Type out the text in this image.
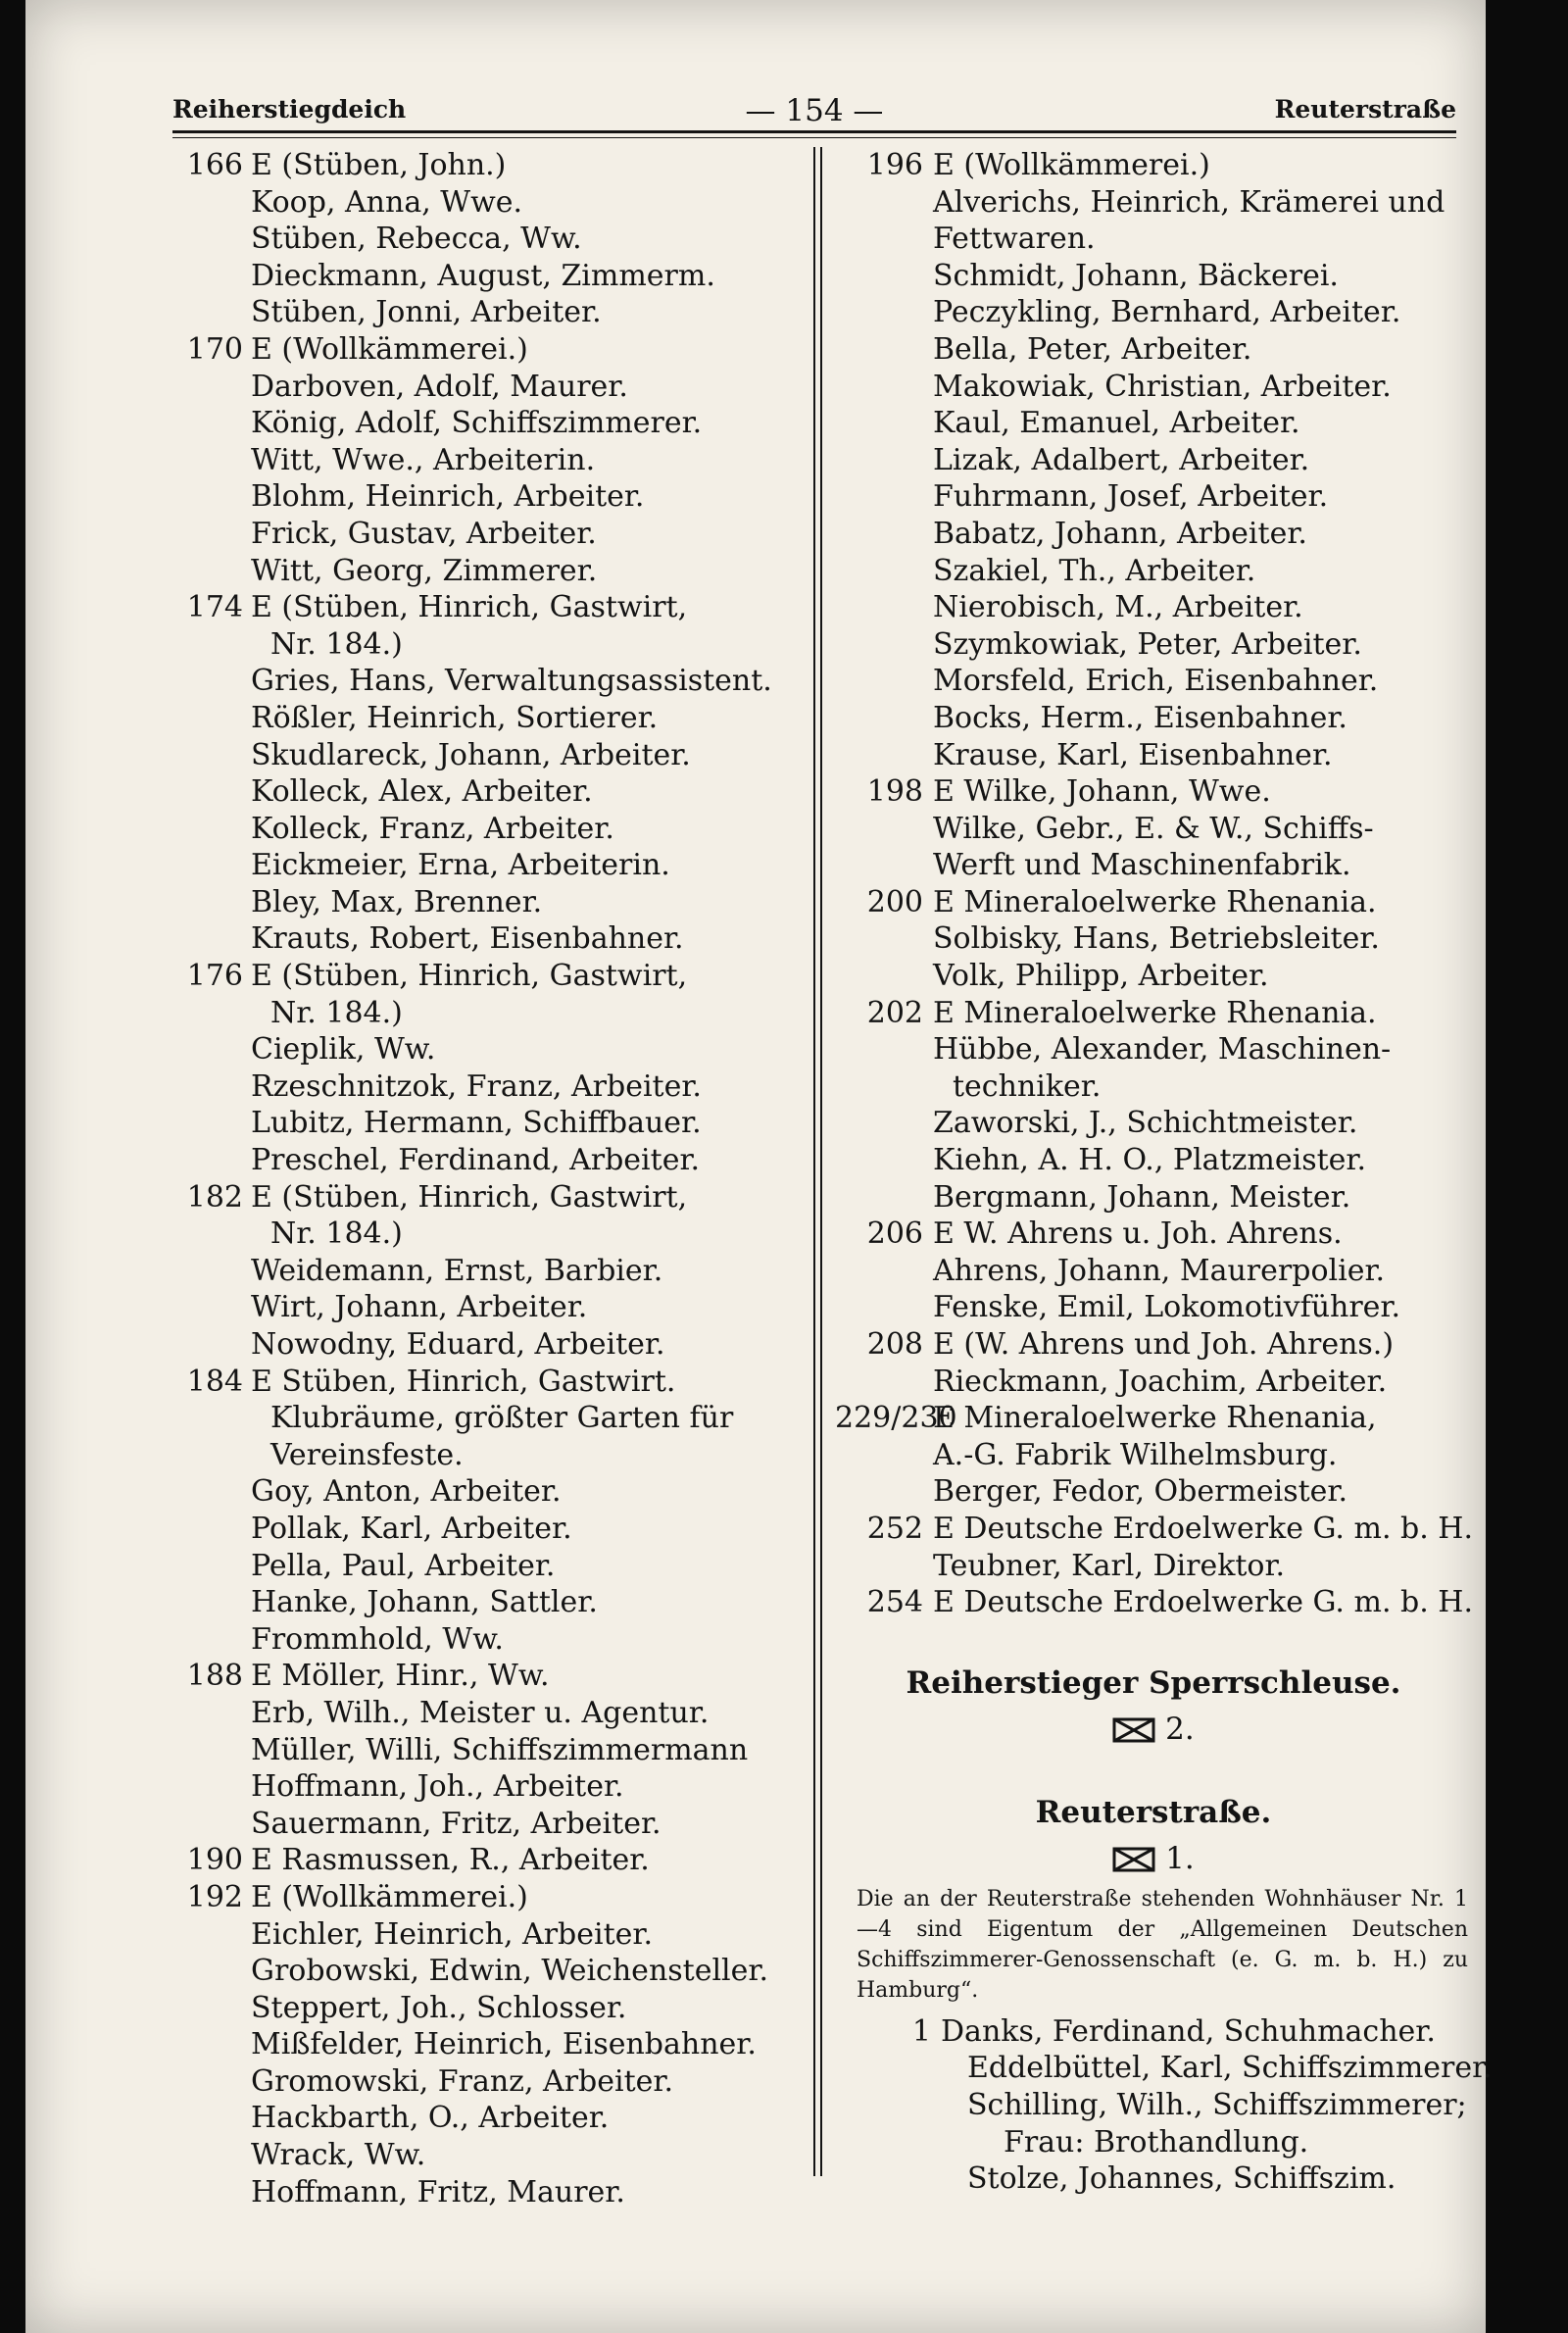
Reiherstiegdeich	— 154 —	Reuterstraße
166 E (Stüben, John.)
Koop, Anna, Wwe.
Stüben, Rebecca, Ww.
Dieckmann, August, Zimmerm.
Stüben, Jonni, Arbeiter.
170 E (Wollkämmerei.)
Darboven, Adolf, Maurer.
König, Adolf, Schiffszimmerer.
Witt, Wwe., Arbeiterin.
Blohm, Heinrich, Arbeiter.
Frick, Gustav, Arbeiter.
Witt, Georg, Zimmerer.
174 E (Stüben, Hinrich, Gastwirt,
Nr. 184.)
Gries, Hans, Verwaltungsassistent.
Rößler, Heinrich, Sortierer.
Skudlareck, Johann, Arbeiter.
Kolleck, Alex, Arbeiter.
Kolleck, Franz, Arbeiter.
Eickmeier, Erna, Arbeiterin.
Bley, Max, Brenner.
Krauts, Robert, Eisenbahner.
176 E (Stüben, Hinrich, Gastwirt,
Nr. 184.)
Cieplik, Ww.
Rzeschnitzok, Franz, Arbeiter.
Lubitz, Hermann, Schiffbauer.
Preschel, Ferdinand, Arbeiter.
182 E (Stüben, Hinrich, Gastwirt,
Nr. 184.)
Weidemann, Ernst, Barbier.
Wirt, Johann, Arbeiter.
Nowodny, Eduard, Arbeiter.
184 E Stüben, Hinrich, Gastwirt.
Klubräume, größter Garten für
Vereinsfeste.
Goy, Anton, Arbeiter.
Pollak, Karl, Arbeiter.
Pella, Paul, Arbeiter.
Hanke, Johann, Sattler.
Frommhold, Ww.
188 E Möller, Hinr., Ww.
Erb, Wilh., Meister u. Agentur.
Müller, Willi, Schiffszimmermann
Hoffmann, Joh., Arbeiter.
Sauermann, Fritz, Arbeiter.
190 E Rasmussen, R., Arbeiter.
192 E (Wollkämmerei.)
Eichler, Heinrich, Arbeiter.
Grobowski, Edwin, Weichensteller.
Steppert, Joh., Schlosser.
Mißfelder, Heinrich, Eisenbahner.
Gromowski, Franz, Arbeiter.
Hackbarth, O., Arbeiter.
Wrack, Ww.
Hoffmann, Fritz, Maurer.
196 E (Wollkämmerei.)
Alverichs, Heinrich, Krämerei und
Fettwaren.
Schmidt, Johann, Bäckerei.
Peczykling, Bernhard, Arbeiter.
Bella, Peter, Arbeiter.
Makowiak, Christian, Arbeiter.
Kaul, Emanuel, Arbeiter.
Lizak, Adalbert, Arbeiter.
Fuhrmann, Josef, Arbeiter.
Babatz, Johann, Arbeiter.
Szakiel, Th., Arbeiter.
Nierobisch, M., Arbeiter.
Szymkowiak, Peter, Arbeiter.
Morsfeld, Erich, Eisenbahner.
Bocks, Herm., Eisenbahner.
Krause, Karl, Eisenbahner.
198 E Wilke, Johann, Wwe.
Wilke, Gebr., E. & W., Schiffs-
Werft und Maschinenfabrik.
200 E Mineraloelwerke Rhenania.
Solbisky, Hans, Betriebsleiter.
Volk, Philipp, Arbeiter.
202 E Mineraloelwerke Rhenania.
Hübbe, Alexander, Maschinen-
techniker.
Zaworski, J., Schichtmeister.
Kiehn, A. H. O., Platzmeister.
Bergmann, Johann, Meister.
206 E W. Ahrens u. Joh. Ahrens.
Ahrens, Johann, Maurerpolier.
Fenske, Emil, Lokomotivführer.
208 E (W. Ahrens und Joh. Ahrens.)
Rieckmann, Joachim, Arbeiter.
229/230
E Mineraloelwerke Rhenania,
A.-G. Fabrik Wilhelmsburg.
Berger, Fedor, Obermeister.
252 E Deutsche Erdoelwerke G. m. b. H.
Teubner, Karl, Direktor.
254 E Deutsche Erdoelwerke G. m. b. H.
Reiherstieger Sperrschleuse.
2.
Reuterstraße.
1.
Die an der Reuterstraße stehenden Wohnhäuser Nr. 1—4 sind Eigentum der „Allgemeinen Deutschen Schiffszimmerer-Genossenschaft (e. G. m. b. H.) zu Hamburg“.
1 Danks, Ferdinand, Schuhmacher.
Eddelbüttel, Karl, Schiffszimmerer.
Schilling, Wilh., Schiffszimmerer;
Frau: Brothandlung.
Stolze, Johannes, Schiffszim.
